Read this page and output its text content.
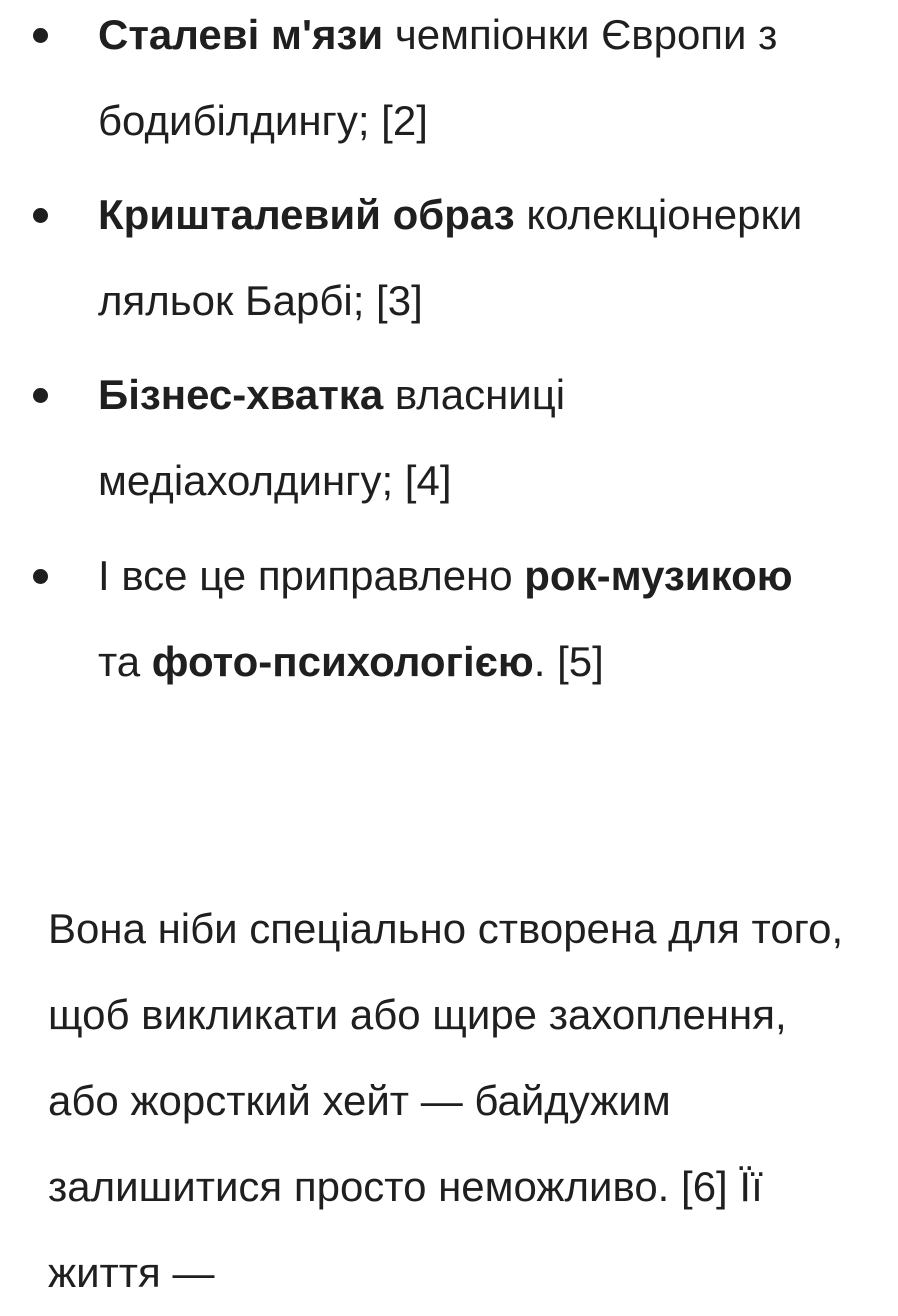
Сталеві м'язи чемпіонки Європи з бодибілдингу; [2]
Кришталевий образ колекціонерки ляльок Барбі; [3]
Бізнес-хватка власниці медіахолдингу; [4]
І все це приправлено рок-музикою та фото-психологією. [5]

Вона ніби спеціально створена для того, щоб викликати або щире захоплення, або жорсткий хейт — байдужим залишитися просто неможливо. [6] Її життя —
